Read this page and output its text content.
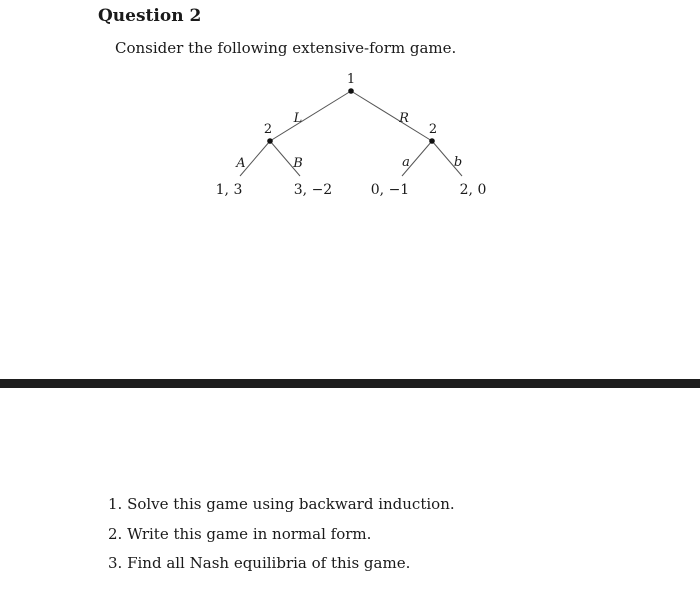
Question 2
Consider the following extensive-form game.
1
2	2
L	R
A	B	a	b
1, 3	3, −2	0, −1	2, 0
1. Solve this game using backward induction.
2. Write this game in normal form.
3. Find all Nash equilibria of this game.
